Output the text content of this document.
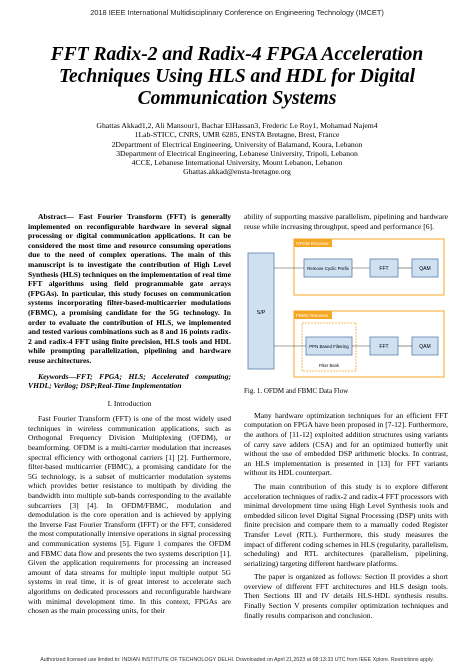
2018 IEEE International Multidisciplinary Conference on Engineering Technology (IMCET)
FFT Radix-2 and Radix-4 FPGA Acceleration
Techniques Using HLS and HDL for Digital
Communication Systems
Ghattas Akkad1,2, Ali Mansour1, Bachar ElHassan3, Frederic Le Roy1, Mohamad Najem4
1Lab-STICC, CNRS, UMR 6285, ENSTA Bretagne, Brest, France
2Department of Electrical Engineering, University of Balamand, Koura, Lebanon
3Department of Electrical Engineering, Lebanese University, Tripoli, Lebanon
4CCE, Lebanese International University, Mount Lebanon, Lebanon
Ghattas.akkad@ensta-bretagne.org
Abstract— Fast Fourier Transform (FFT) is generally implemented on reconfigurable hardware in several signal processing or digital communication applications. It can be considered the most time and resource consuming operations due to the need of complex operations. The main of this manuscript is to investigate the contribution of High Level Synthesis (HLS) techniques on the implementation of real time FFT algorithms using field programmable gate arrays (FPGAs). In particular, this study focuses on communication systems incorporating filter-based-multicarrier modulations (FBMC), a promising candidate for the 5G technology. In order to evaluate the contribution of HLS, we implemented and tested various combinations such as 8 and 16 points radix-2 and radix-4 FFT using finite precision, HLS tools and HDL while prompting parallelization, pipelining and hardware reuse architectures.
Keywords—FFT; FPGA; HLS; Accelerated computing; VHDL; Verilog; DSP;Real-Time Implementation
I. Introduction
Fast Fourier Transform (FFT) is one of the most widely used techniques in wireless communication applications, such as Orthogonal Frequency Division Multiplexing (OFDM), or beamforming. OFDM is a multi-carrier modulation that increases spectral efficiency with orthogonal carriers [1] [2]. Furthermore, filter-based multicarrier (FBMC), a promising candidate for the 5G technology, is a subset of multicarrier modulation systems which provides better resistance to multipath by dividing the bandwidth into multiple sub-bands corresponding to the available subcarriers [3] [4]. In OFDM/FBMC, modulation and demodulation is the core operation and is achieved by applying the Inverse Fast Fourier Transform (IFFT) or the FFT, considered the most computationally intensive operations in signal processing and communication systems [5]. Figure 1 compares the OFDM and FBMC data flow and presents the two systems description [1]. Given the application requirements for processing an increased amount of data streams for multiple input multiple output 5G systems in real time, it is of great interest to accelerate such algorithms on dedicated processors and reconfigurable hardware with minimal development time. In this context, FPGAs are chosen as the main processing units, for their
ability of supporting massive parallelism, pipelining and hardware reuse while increasing throughput, speed and performance [6].
S/P
OFDM Receiver
Remove Cyclic Prefix	FFT	QAM
FBMC Receiver
PPN Based Filtering
Filter Bank
FFT	QAM
Fig. 1. OFDM and FBMC Data Flow
Many hardware optimization techniques for an efficient FFT computation on FPGA have been proposed in [7-12]. Furthermore, the authors of [11-12] exploited addition structures using variants of carry save adders (CSA) and for an optimized butterfly unit without the use of embedded DSP arithmetic blocks. In contrast, an HLS implementation is presented in [13] for FFT variants without its HDL counterpart.
The main contribution of this study is to explore different acceleration techniques of radix-2 and radix-4 FFT processors with minimal development time using High Level Synthesis tools and embedded silicon level Digital Signal Processing (DSP) units with finite precision and compare them to a manually coded Register Transfer Level (RTL). Furthermore, this study measures the impact of different coding schemes in HLS (regularity, parallelism, scheduling) and RTL architectures (parallelism, pipelining, serializing) targeting different hardware platforms.
The paper is organized as follows: Section II provides a short overview of different FFT architectures and HLS design tools. Then Sections III and IV details HLS-HDL synthesis results. Finally Section V presents compiler optimization techniques and finally results comparison and conclusion.
Authorized licensed use limited to: INDIAN INSTITUTE OF TECHNOLOGY DELHI. Downloaded on April 21,2023 at 08:13:33 UTC from IEEE Xplore. Restrictions apply.
